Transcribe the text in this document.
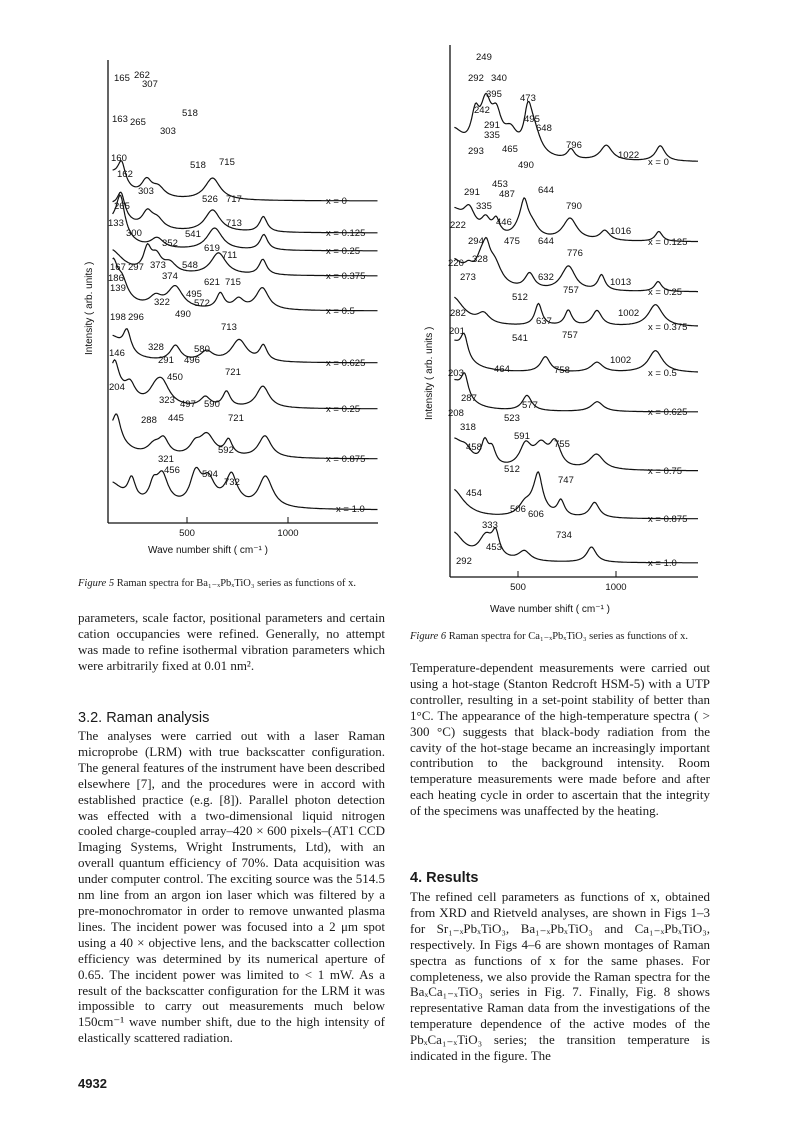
500	1000
Wave number shift ( cm⁻¹ )
Intensity ( arb. units )
x = 0
x = 0.125
x = 0.25
x = 0.375
x = 0.5
x = 0.625
x = 0.25
x = 0.875
x = 1.0
165 262
307
163 265
518
303
160
518 715
162
303
526 717
265
133	713
300	541
352	619
711
167 297 373 548
186	374
621 715
139
495
322	572
198 296	490
713
146
328	580
291 496
721
450
204
323 497 590
288 445	721
592
321
456 504
732
Figure 5 Raman spectra for Ba₁₋ₓPbₓTiO₃ series as functions of x.	500	1000
Wave number shift ( cm⁻¹ )
Intensity ( arb. units )
x = 0
x = 0.125
x = 0.25
x = 0.375
x = 0.5
x = 0.625
x = 0.75
x = 0.875
x = 1.0
249
292 340
395 473
242
291
495
648
335
796
293 465
1022
490
453
291 487 644
335	790
222	446
1016
294 475 644
328
776
220
273	632	1013
512
757
282	1002
637
201
541	757
1002
203	464	758
287
577
208	523
318
591
458	755
512
747
454
506 606
333
734
453
292
Figure 6 Raman spectra for Ca₁₋ₓPbₓTiO₃ series as functions of x.

parameters, scale factor, positional parameters and certain cation occupancies were refined. Generally, no attempt was made to refine isothermal vibration parameters which were arbitrarily fixed at 0.01 nm².

3.2. Raman analysis

The analyses were carried out with a laser Raman microprobe (LRM) with true backscatter configuration. The general features of the instrument have been described elsewhere [7], and the procedures were in accord with established practice (e.g. [8]). Parallel photon detection was effected with a two-dimensional liquid nitrogen cooled charge-coupled array–420 × 600 pixels–(AT1 CCD Imaging Systems, Wright Instruments, Ltd), with an overall quantum efficiency of 70%. Data acquisition was under computer control. The exciting source was the 514.5 nm line from an argon ion laser which was filtered by a pre-monochromator in order to remove unwanted plasma lines. The incident power was focused into a 2 μm spot using a 40 × objective lens, and the backscatter collection efficiency was determined by its numerical aperture of 0.65. The incident power was limited to < 1 mW. As a result of the backscatter configuration for the LRM it was impossible to carry out measurements much below 150cm⁻¹ wave number shift, due to the high intensity of elastically scattered radiation.

Temperature-dependent measurements were carried out using a hot-stage (Stanton Redcroft HSM-5) with a UTP controller, resulting in a set-point stability of better than 1°C. The appearance of the high-temperature spectra ( > 300 °C) suggests that black-body radiation from the cavity of the hot-stage became an increasingly important contribution to the background intensity. Room temperature measurements were made before and after each heating cycle in order to ascertain that the integrity of the specimens was unaffected by the heating.

4. Results

The refined cell parameters as functions of x, obtained from XRD and Rietveld analyses, are shown in Figs 1–3 for Sr₁₋ₓPbₓTiO₃, Ba₁₋ₓPbₓTiO₃ and Ca₁₋ₓPbₓTiO₃, respectively. In Figs 4–6 are shown montages of Raman spectra as functions of x for the same phases. For completeness, we also provide the Raman spectra for the BaₓCa₁₋ₓTiO₃ series in Fig. 7. Finally, Fig. 8 shows representative Raman data from the investigations of the temperature dependence of the active modes of the PbₓCa₁₋ₓTiO₃ series; the transition temperature is indicated in the figure. The

4932
